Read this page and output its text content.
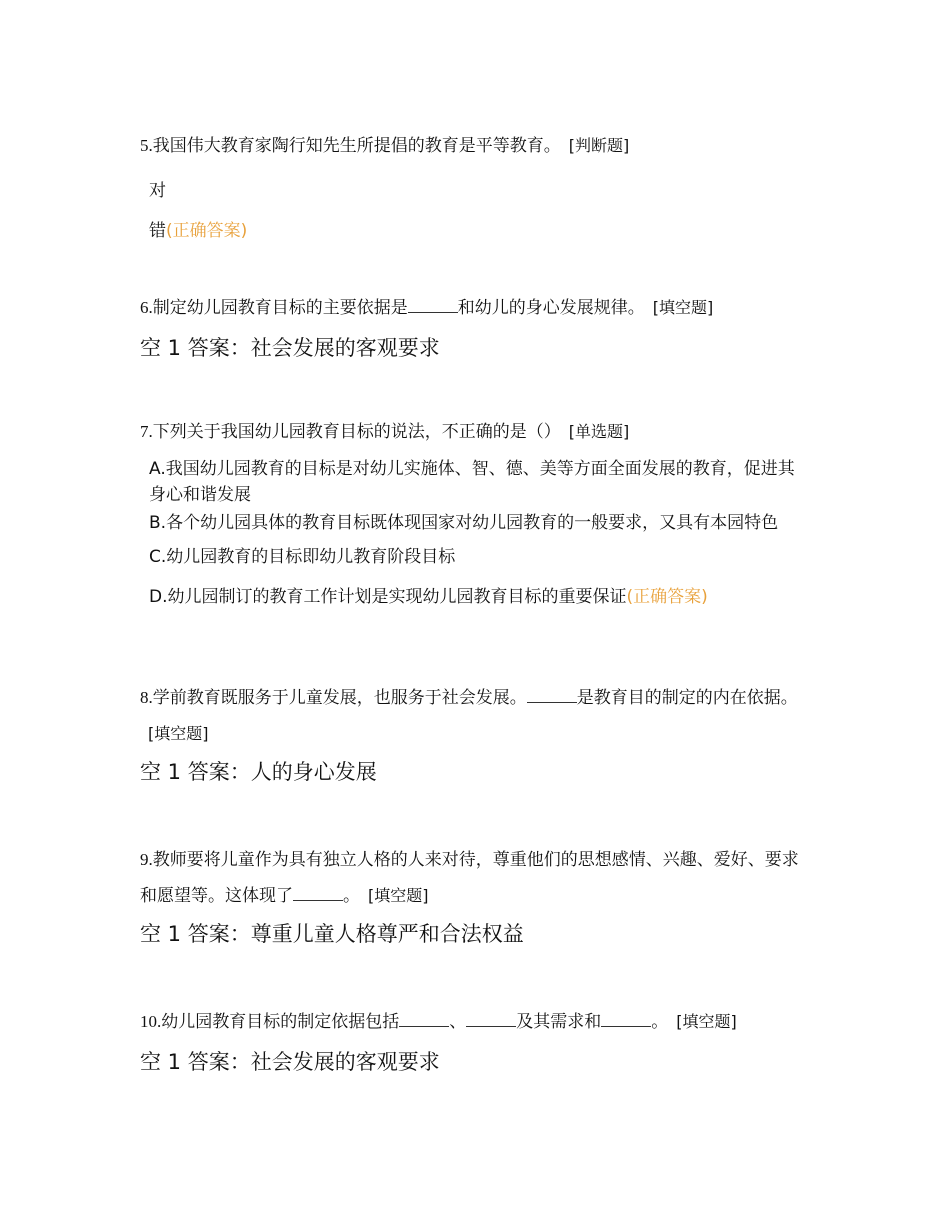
5.我国伟大教育家陶行知先生所提倡的教育是平等教育。 [判断题]
对
错(正确答案)
6.制定幼儿园教育目标的主要依据是	和幼儿的身心发展规律。 [填空题]
空 1 答案：社会发展的客观要求
7.下列关于我国幼儿园教育目标的说法，不正确的是（） [单选题]
A.我国幼儿园教育的目标是对幼儿实施体、智、德、美等方面全面发展的教育，促进其身心和谐发展
B.各个幼儿园具体的教育目标既体现国家对幼儿园教育的一般要求，又具有本园特色
C.幼儿园教育的目标即幼儿教育阶段目标
D.幼儿园制订的教育工作计划是实现幼儿园教育目标的重要保证(正确答案)
8.学前教育既服务于儿童发展，也服务于社会发展。	是教育目的制定的内在依据。[填空题]
空 1 答案：人的身心发展
9.教师要将儿童作为具有独立人格的人来对待，尊重他们的思想感情、兴趣、爱好、要求和愿望等。这体现了	。 [填空题]
空 1 答案：尊重儿童人格尊严和合法权益
10.幼儿园教育目标的制定依据包括	、	及其需求和	。 [填空题]
空 1 答案：社会发展的客观要求
